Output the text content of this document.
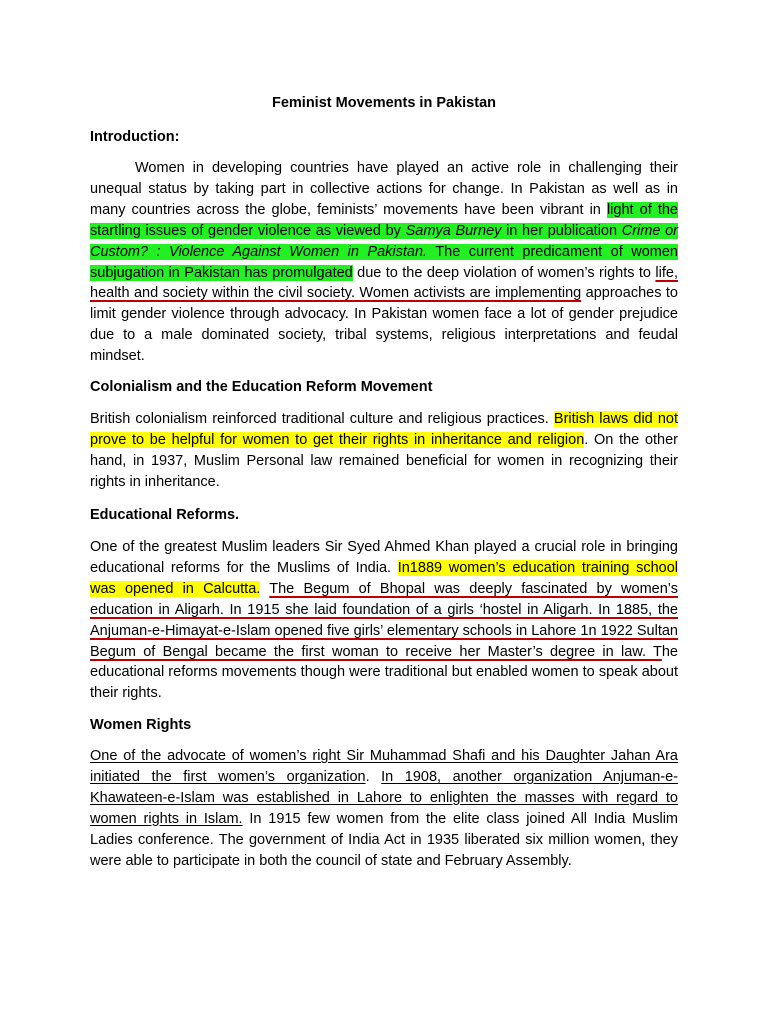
Feminist Movements in Pakistan
Introduction:
Women in developing countries have played an active role in challenging their unequal status by taking part in collective actions for change. In Pakistan as well as in many countries across the globe, feminists’ movements have been vibrant in light of the startling issues of gender violence as viewed by Samya Burney in her publication Crime or Custom? : Violence Against Women in Pakistan. The current predicament of women subjugation in Pakistan has promulgated due to the deep violation of women’s rights to life, health and society within the civil society. Women activists are implementing approaches to limit gender violence through advocacy. In Pakistan women face a lot of gender prejudice due to a male dominated society, tribal systems, religious interpretations and feudal mindset.
Colonialism and the Education Reform Movement
British colonialism reinforced traditional culture and religious practices. British laws did not prove to be helpful for women to get their rights in inheritance and religion. On the other hand, in 1937, Muslim Personal law remained beneficial for women in recognizing their rights in inheritance.
Educational Reforms.
One of the greatest Muslim leaders Sir Syed Ahmed Khan played a crucial role in bringing educational reforms for the Muslims of India. In1889 women’s education training school was opened in Calcutta. The Begum of Bhopal was deeply fascinated by women’s education in Aligarh. In 1915 she laid foundation of a girls ‘hostel in Aligarh. In 1885, the Anjuman-e-Himayat-e-Islam opened five girls’ elementary schools in Lahore 1n 1922 Sultan Begum of Bengal became the first woman to receive her Master’s degree in law. The educational reforms movements though were traditional but enabled women to speak about their rights.
Women Rights
One of the advocate of women’s right Sir Muhammad Shafi and his Daughter Jahan Ara initiated the first women’s organization. In 1908, another organization Anjuman-e-Khawateen-e-Islam was established in Lahore to enlighten the masses with regard to women rights in Islam. In 1915 few women from the elite class joined All India Muslim Ladies conference. The government of India Act in 1935 liberated six million women, they were able to participate in both the council of state and February Assembly.
